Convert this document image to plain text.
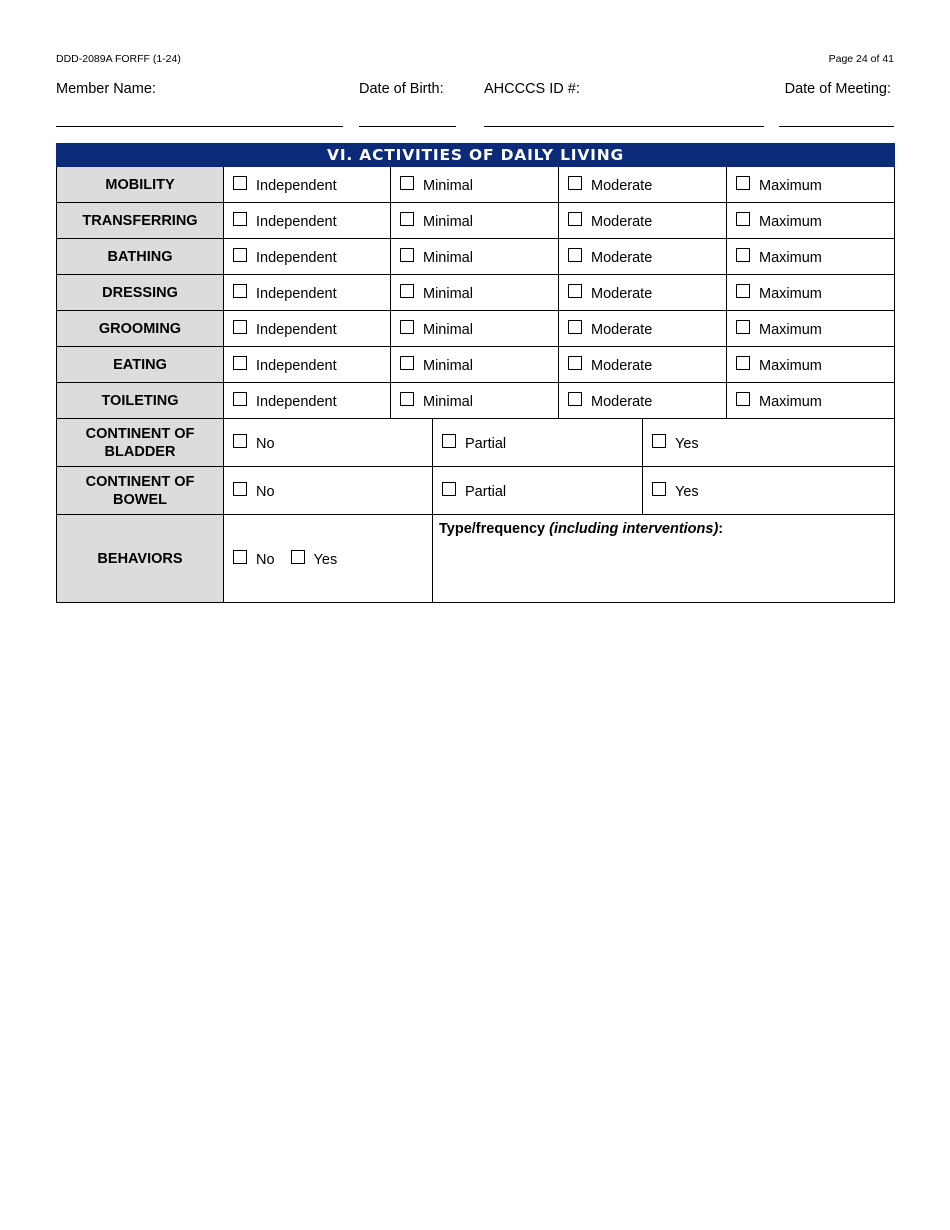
DDD-2089A FORFF (1-24)	Page 24 of 41
Member Name:	Date of Birth:	AHCCCS ID #:	Date of Meeting:
VI. ACTIVITIES OF DAILY LIVING						
MOBILITY	Independent	Minimal		Moderate		Maximum
TRANSFERRING	Independent	Minimal		Moderate		Maximum
BATHING	Independent	Minimal		Moderate		Maximum
DRESSING	Independent	Minimal		Moderate		Maximum
GROOMING	Independent	Minimal		Moderate		Maximum
EATING	Independent	Minimal		Moderate		Maximum
TOILETING	Independent	Minimal		Moderate		Maximum

CONTINENT OF
BLADDER	No		Partial		Yes	

CONTINENT OF
BOWEL	No		Partial		Yes	
BEHAVIORS	No Yes		Type/frequency (including interventions):			
